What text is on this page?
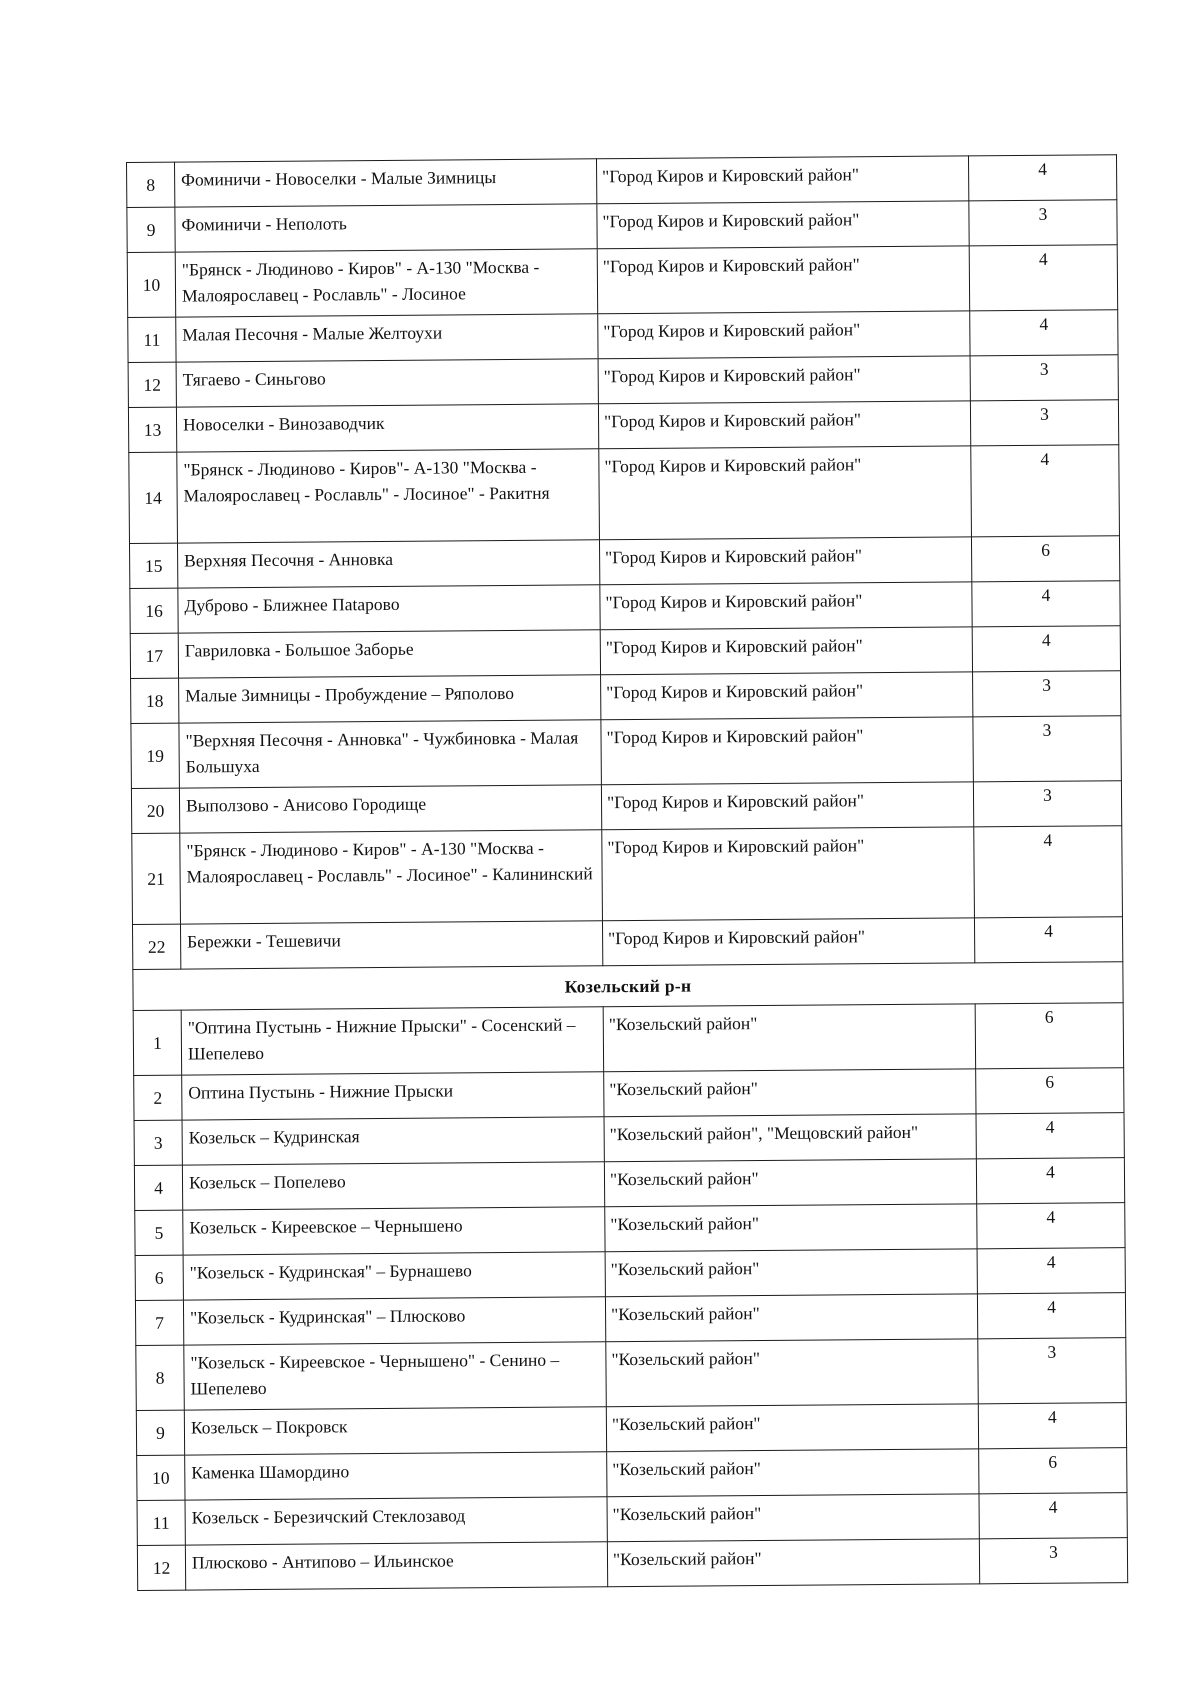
8	Фоминичи - Новоселки - Малые Зимницы	"Город Киров и Кировский район"	4
9	Фоминичи - Неполоть	"Город Киров и Кировский район"	3
10	"Брянск - Людиново - Киров" - А-130 "Москва - Малоярославец - Рославль" - Лосиное	"Город Киров и Кировский район"	4
11	Малая Песочня - Малые Желтоухи	"Город Киров и Кировский район"	4
12	Тягаево - Синьгово	"Город Киров и Кировский район"	3
13	Новоселки - Винозаводчик	"Город Киров и Кировский район"	3
14	"Брянск - Людиново - Киров"- А-130 "Москва - Малоярославец - Рославль" - Лосиное" - Ракитня	"Город Киров и Кировский район"	4
15	Верхняя Песочня - Анновка	"Город Киров и Кировский район"	6
16	Дуброво - Ближнее Пatapово	"Город Киров и Кировский район"	4
17	Гавриловка - Большое Заборье	"Город Киров и Кировский район"	4
18	Малые Зимницы - Пробуждение – Ряполово	"Город Киров и Кировский район"	3
19	"Верхняя Песочня - Анновка" - Чужбиновка - Малая Большуха	"Город Киров и Кировский район"	3
20	Выползово - Анисово Городище	"Город Киров и Кировский район"	3
21	"Брянск - Людиново - Киров" - А-130 "Москва - Малоярославец - Рославль" - Лосиное" - Калининский	"Город Киров и Кировский район"	4
22	Бережки - Тешевичи	"Город Киров и Кировский район"	4
Козельский р-н			
1	"Оптина Пустынь - Нижние Прыски" - Сосенский – Шепелево	"Козельский район"	6
2	Оптина Пустынь - Нижние Прыски	"Козельский район"	6
3	Козельск – Кудринская	"Козельский район", "Мещовский район"	4
4	Козельск – Попелево	"Козельский район"	4
5	Козельск - Киреевское – Чернышено	"Козельский район"	4
6	"Козельск - Кудринская" – Бурнашево	"Козельский район"	4
7	"Козельск - Кудринская" – Плюсково	"Козельский район"	4
8	"Козельск - Киреевское - Чернышено" - Сенино – Шепелево	"Козельский район"	3
9	Козельск – Покровск	"Козельский район"	4
10	Каменка Шамордино	"Козельский район"	6
11	Козельск - Березичский Стеклозавод	"Козельский район"	4
12	Плюсково - Антипово – Ильинское	"Козельский район"	3
